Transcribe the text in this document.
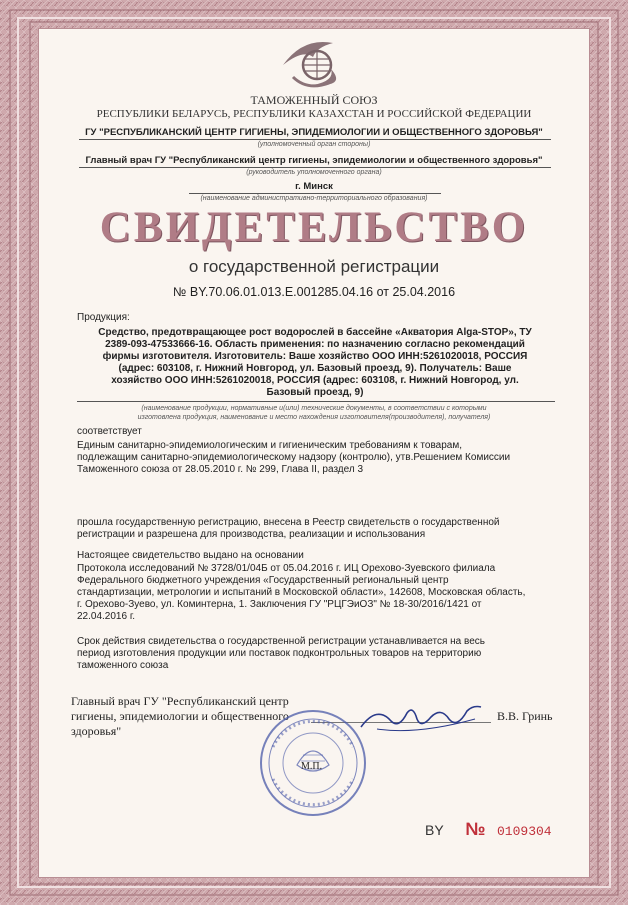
ТАМОЖЕННЫЙ СОЮЗ
РЕСПУБЛИКИ БЕЛАРУСЬ, РЕСПУБЛИКИ КАЗАХСТАН И РОССИЙСКОЙ ФЕДЕРАЦИИ
ГУ "РЕСПУБЛИКАНСКИЙ ЦЕНТР ГИГИЕНЫ, ЭПИДЕМИОЛОГИИ И ОБЩЕСТВЕННОГО ЗДОРОВЬЯ"
(уполномоченный орган стороны)
Главный врач ГУ "Республиканский центр гигиены, эпидемиологии и общественного здоровья"
(руководитель уполномоченного органа)
г. Минск
(наименование административно-территориального образования)
СВИДЕТЕЛЬСТВО
о государственной регистрации
№ BY.70.06.01.013.E.001285.04.16 от 25.04.2016
Продукция:
Средство, предотвращающее рост водорослей в бассейне «Акватория Alga-STOP», ТУ
2389-093-47533666-16. Область применения: по назначению согласно рекомендаций
фирмы изготовителя. Изготовитель: Ваше хозяйство ООО ИНН:5261020018, РОССИЯ
(адрес: 603108, г. Нижний Новгород, ул. Базовый проезд, 9). Получатель: Ваше
хозяйство ООО ИНН:5261020018, РОССИЯ (адрес: 603108, г. Нижний Новгород, ул.
Базовый проезд, 9)
(наименование продукции, нормативные и(или) технические документы, в соответствии с которыми
изготовлена продукция, наименование и место нахождения изготовителя(производителя), получателя)
соответствует
Единым санитарно-эпидемиологическим и гигиеническим требованиям к товарам,
подлежащим санитарно-эпидемиологическому надзору (контролю), утв.Решением Комиссии
Таможенного союза от 28.05.2010 г. № 299, Глава II, раздел 3
прошла государственную регистрацию, внесена в Реестр свидетельств о государственной
регистрации и разрешена для производства, реализации и использования
Настоящее свидетельство выдано на основании
Протокола исследований № 3728/01/04Б от 05.04.2016 г. ИЦ Орехово-Зуевского филиала
Федерального бюджетного учреждения «Государственный региональный центр
стандартизации, метрологии и испытаний в Московской области», 142608, Московская область,
г. Орехово-Зуево, ул. Коминтерна, 1. Заключения ГУ "РЦГЭиОЗ" № 18-30/2016/1421 от
22.04.2016 г.
Срок действия свидетельства о государственной регистрации устанавливается на весь
период изготовления продукции или поставок подконтрольных товаров на территорию
таможенного союза
Главный врач ГУ "Республиканский центр
гигиены, эпидемиологии и общественного
здоровья"
В.В. Гринь
М.П.
BY № 0109304
